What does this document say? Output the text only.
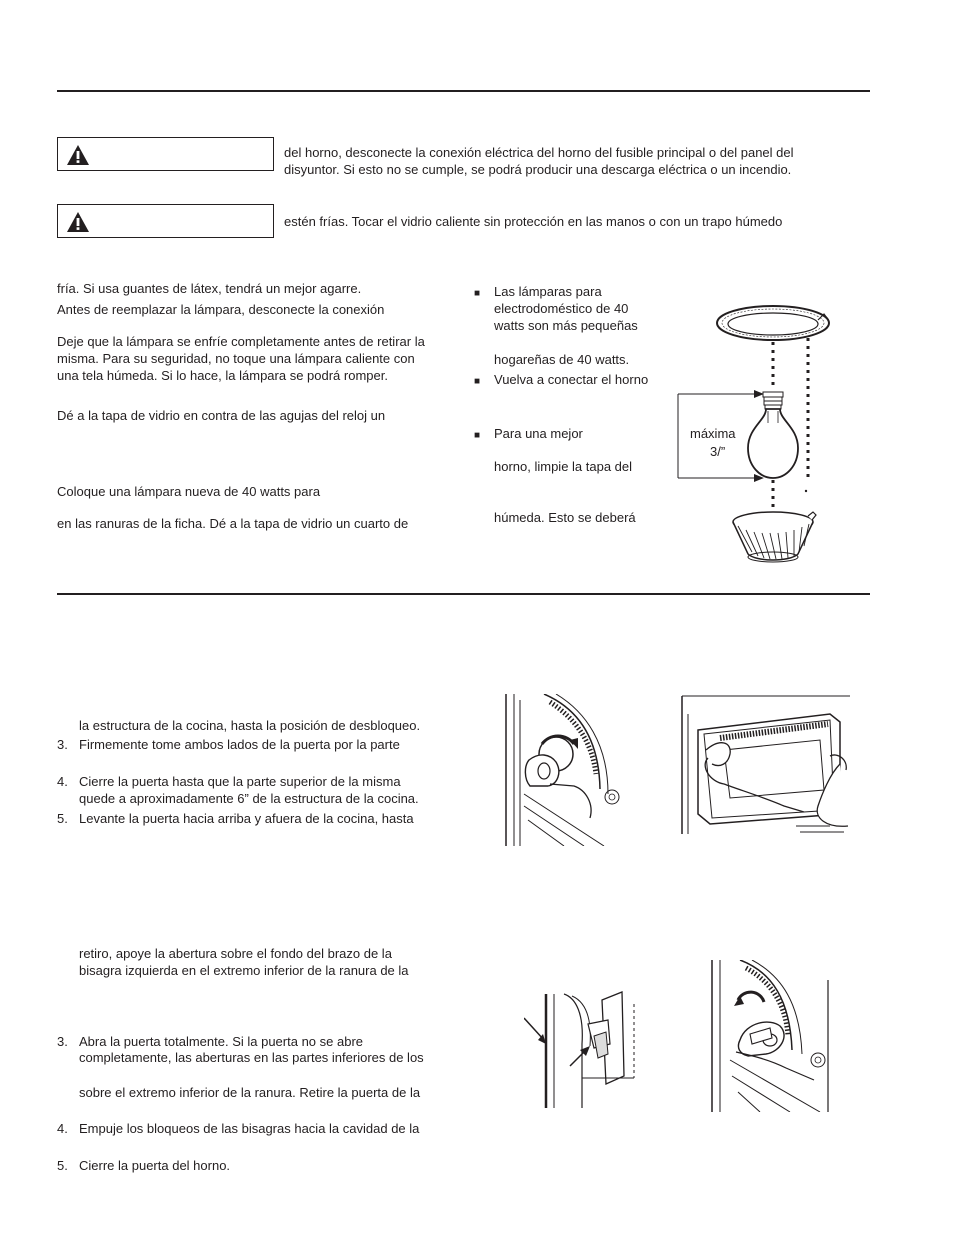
del horno, desconecte la conexión eléctrica del horno del fusible principal o del panel del
disyuntor. Si esto no se cumple, se podrá producir una descarga eléctrica o un incendio.
estén frías. Tocar el vidrio caliente sin protección en las manos o con un trapo húmedo
fría. Si usa guantes de látex, tendrá un mejor agarre.
Antes de reemplazar la lámpara, desconecte la conexión
Deje que la lámpara se enfríe completamente antes de retirar la
misma. Para su seguridad, no toque una lámpara caliente con
una tela húmeda. Si lo hace, la lámpara se podrá romper.
Dé a la tapa de vidrio en contra de las agujas del reloj un
Coloque una lámpara nueva de 40 watts para
en las ranuras de la ficha. Dé a la tapa de vidrio un cuarto de
■ Las lámparas para
electrodoméstico de 40
watts son más pequeñas
hogareñas de 40 watts.
■ Vuelva a conectar el horno
■ Para una mejor
horno, limpie la tapa del
húmeda. Esto se deberá
máxima
3/”
la estructura de la cocina, hasta la posición de desbloqueo.
3. Firmemente tome ambos lados de la puerta por la parte
4. Cierre la puerta hasta que la parte superior de la misma
quede a aproximadamente 6” de la estructura de la cocina.
5. Levante la puerta hacia arriba y afuera de la cocina, hasta
retiro, apoye la abertura sobre el fondo del brazo de la
bisagra izquierda en el extremo inferior de la ranura de la
3. Abra la puerta totalmente. Si la puerta no se abre
completamente, las aberturas en las partes inferiores de los
sobre el extremo inferior de la ranura. Retire la puerta de la
4. Empuje los bloqueos de las bisagras hacia la cavidad de la
5. Cierre la puerta del horno.
